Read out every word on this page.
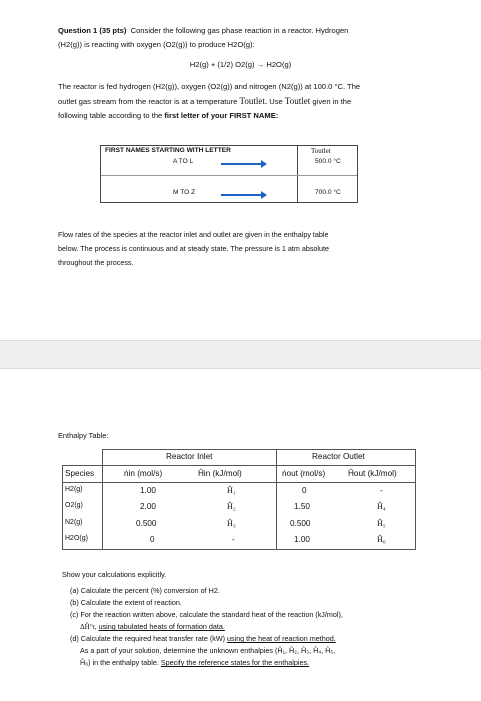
Question 1 (35 pts) Consider the following gas phase reaction in a reactor. Hydrogen
(H2(g)) is reacting with oxygen (O2(g)) to produce H2O(g):
H2(g) + (1/2) O2(g) → H2O(g)
The reactor is fed hydrogen (H2(g)), oxygen (O2(g)) and nitrogen (N2(g)) at 100.0 °C. The
outlet gas stream from the reactor is at a temperature Toutlet. Use Toutlet given in the
following table according to the first letter of your FIRST NAME:
FIRST NAMES STARTING WITH LETTER	Toutlet
A TO L	500.0 °C
M TO Z	700.0 °C
Flow rates of the species at the reactor inlet and outlet are given in the enthalpy table
below. The process is continuous and at steady state. The pressure is 1 atm absolute
throughout the process.
Enthalpy Table:
Reactor Inlet	Reactor Outlet
Species	ṅin (mol/s)	Ĥin (kJ/mol)	ṅout (mol/s)	Ĥout (kJ/mol)
H2(g)	1.00	Ĥ₁	0	-
O2(g)	2.00	Ĥ₂	1.50	Ĥ₄
N2(g)	0.500	Ĥ₃	0.500	Ĥ₅
H2O(g)	0	-	1.00	Ĥ₆
Show your calculations explicitly.
(a) Calculate the percent (%) conversion of H2.
(b) Calculate the extent of reaction.
(c) For the reaction written above, calculate the standard heat of the reaction (kJ/mol),
ΔĤ°r, using tabulated heats of formation data.
(d) Calculate the required heat transfer rate (kW) using the heat of reaction method.
As a part of your solution, determine the unknown enthalpies (Ĥ₁, Ĥ₂, Ĥ₃, Ĥ₄, Ĥ₅,
Ĥ₆) in the enthalpy table. Specify the reference states for the enthalpies.
